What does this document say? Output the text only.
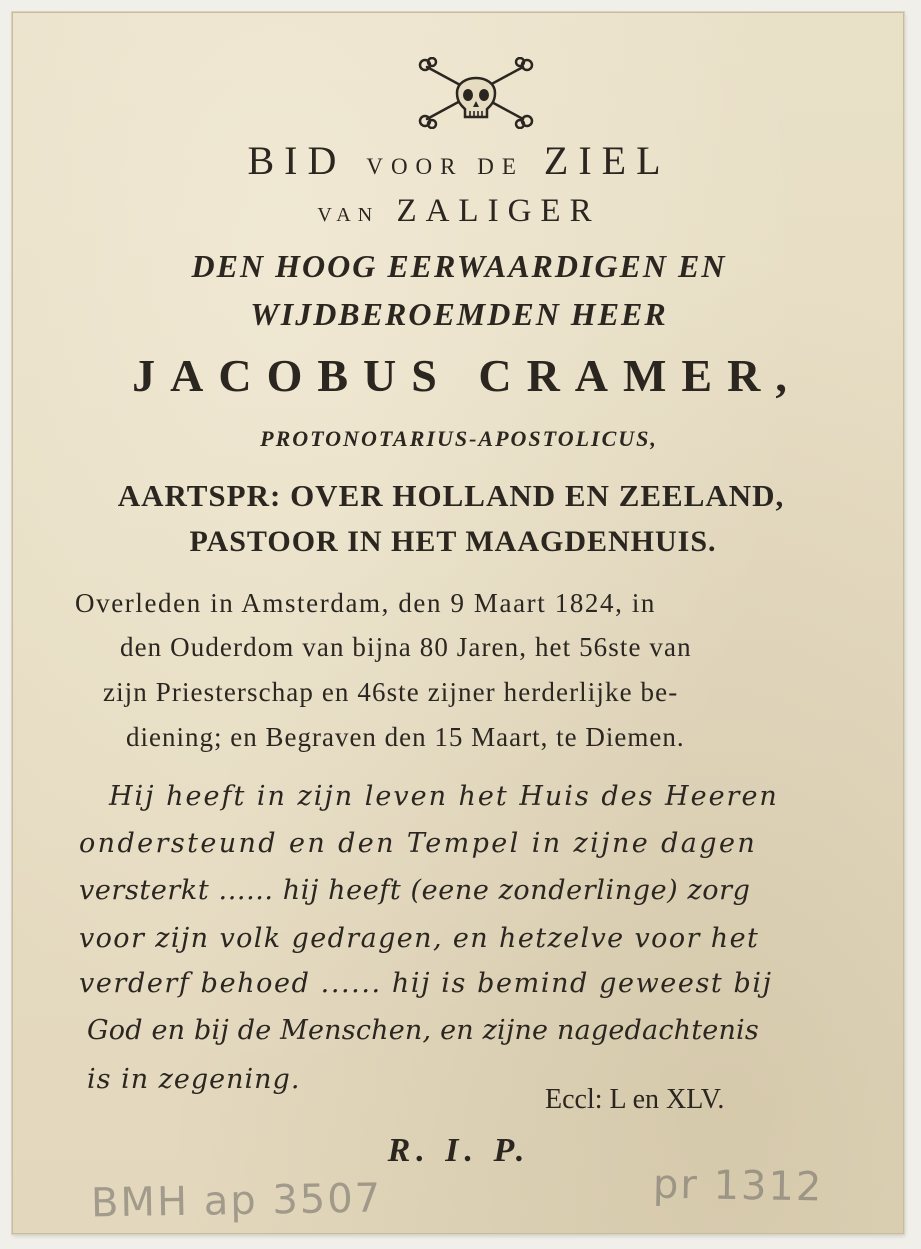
BID VOOR DE ZIEL
VAN ZALIGER
DEN HOOG EERWAARDIGEN EN
WIJDBEROEMDEN HEER
JACOBUS CRAMER,
PROTONOTARIUS-APOSTOLICUS,
AARTSPR: OVER HOLLAND EN ZEELAND,
PASTOOR IN HET MAAGDENHUIS.
Overleden in Amsterdam, den 9 Maart 1824, in
den Ouderdom van bijna 80 Jaren, het 56ste van
zijn Priesterschap en 46ste zijner herderlijke be-
diening; en Begraven den 15 Maart, te Diemen.
Hij heeft in zijn leven het Huis des Heeren
ondersteund en den Tempel in zijne dagen
versterkt ...... hij heeft (eene zonderlinge) zorg
voor zijn volk gedragen, en hetzelve voor het
verderf behoed ...... hij is bemind geweest bij
God en bij de Menschen, en zijne nagedachtenis
is in zegening.
Eccl: L en XLV.
R. I. P.
BMH ap 3507	pr 1312
